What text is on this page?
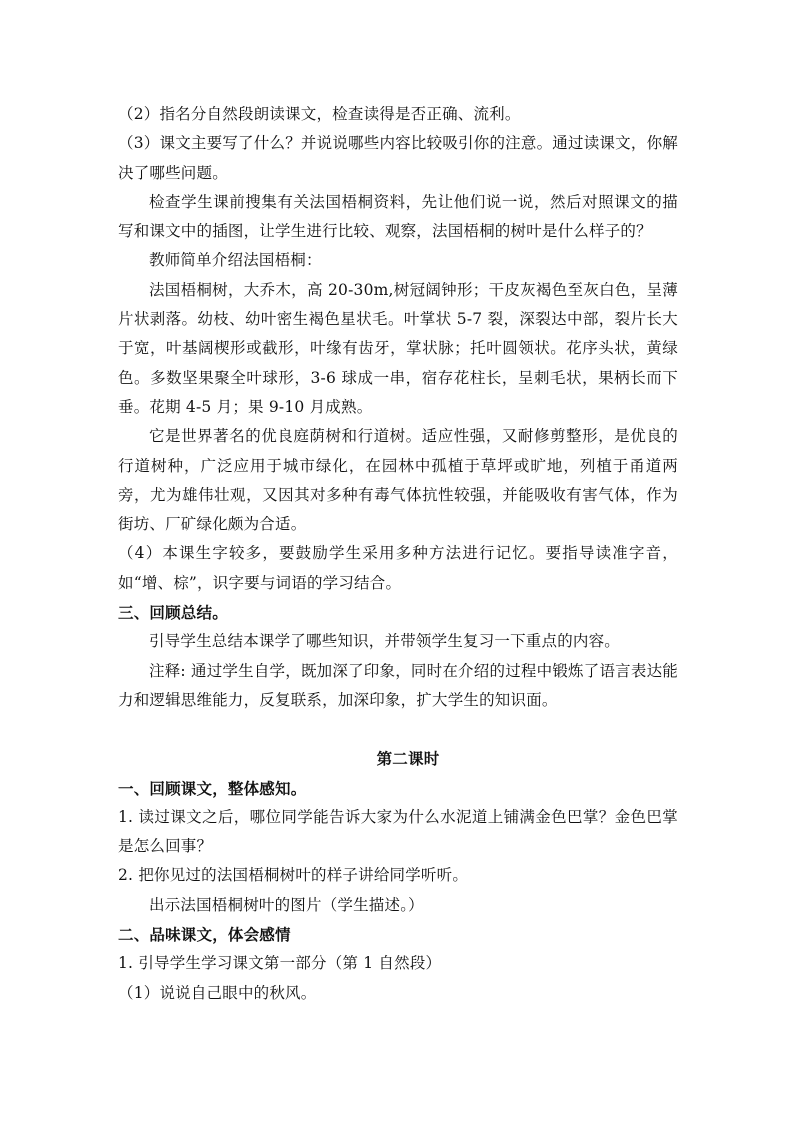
（2）指名分自然段朗读课文，检查读得是否正确、流利。

（3）课文主要写了什么？并说说哪些内容比较吸引你的注意。通过读课文，你解决了哪些问题。

检查学生课前搜集有关法国梧桐资料，先让他们说一说，然后对照课文的描写和课文中的插图，让学生进行比较、观察，法国梧桐的树叶是什么样子的？

教师简单介绍法国梧桐：

法国梧桐树，大乔木，高 20-30m,树冠阔钟形；干皮灰褐色至灰白色，呈薄片状剥落。幼枝、幼叶密生褐色星状毛。叶掌状 5-7 裂，深裂达中部，裂片长大于宽，叶基阔楔形或截形，叶缘有齿牙，掌状脉；托叶圆领状。花序头状，黄绿色。多数坚果聚全叶球形，3-6 球成一串，宿存花柱长，呈刺毛状，果柄长而下垂。花期 4-5 月；果 9-10 月成熟。

它是世界著名的优良庭荫树和行道树。适应性强，又耐修剪整形，是优良的行道树种，广泛应用于城市绿化，在园林中孤植于草坪或旷地，列植于甬道两旁，尤为雄伟壮观，又因其对多种有毒气体抗性较强，并能吸收有害气体，作为街坊、厂矿绿化颇为合适。

（4）本课生字较多，要鼓励学生采用多种方法进行记忆。要指导读准字音，如“增、棕”，识字要与词语的学习结合。

三、回顾总结。

引导学生总结本课学了哪些知识，并带领学生复习一下重点的内容。

注释: 通过学生自学，既加深了印象，同时在介绍的过程中锻炼了语言表达能力和逻辑思维能力，反复联系，加深印象，扩大学生的知识面。

第二课时

一、回顾课文，整体感知。

1. 读过课文之后，哪位同学能告诉大家为什么水泥道上铺满金色巴掌？金色巴掌是怎么回事？

2. 把你见过的法国梧桐树叶的样子讲给同学听听。

出示法国梧桐树叶的图片（学生描述。）

二、品味课文，体会感情

1. 引导学生学习课文第一部分（第 1 自然段）

（1）说说自己眼中的秋风。
